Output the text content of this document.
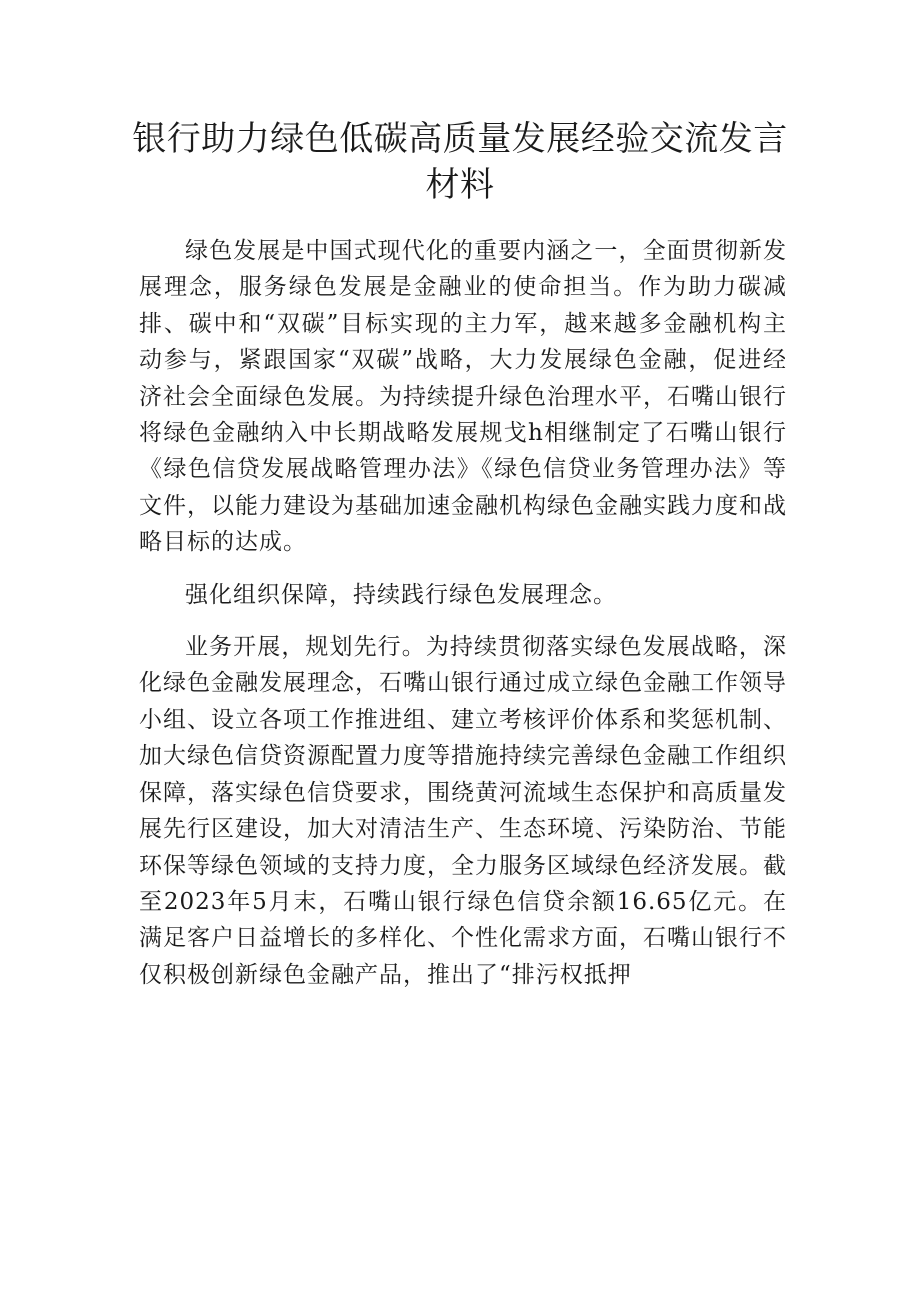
银行助力绿色低碳高质量发展经验交流发言材料

绿色发展是中国式现代化的重要内涵之一，全面贯彻新发展理念，服务绿色发展是金融业的使命担当。作为助力碳减排、碳中和“双碳”目标实现的主力军，越来越多金融机构主动参与，紧跟国家“双碳”战略，大力发展绿色金融，促进经济社会全面绿色发展。为持续提升绿色治理水平，石嘴山银行将绿色金融纳入中长期战略发展规戈h相继制定了石嘴山银行《绿色信贷发展战略管理办法》《绿色信贷业务管理办法》等文件，以能力建设为基础加速金融机构绿色金融实践力度和战略目标的达成。

强化组织保障，持续践行绿色发展理念。

业务开展，规划先行。为持续贯彻落实绿色发展战略，深化绿色金融发展理念，石嘴山银行通过成立绿色金融工作领导小组、设立各项工作推进组、建立考核评价体系和奖惩机制、加大绿色信贷资源配置力度等措施持续完善绿色金融工作组织保障，落实绿色信贷要求，围绕黄河流域生态保护和高质量发展先行区建设，加大对清洁生产、生态环境、污染防治、节能环保等绿色领域的支持力度，全力服务区域绿色经济发展。截至2023年5月末，石嘴山银行绿色信贷余额16.65亿元。在满足客户日益增长的多样化、个性化需求方面，石嘴山银行不仅积极创新绿色金融产品，推出了“排污权抵押
